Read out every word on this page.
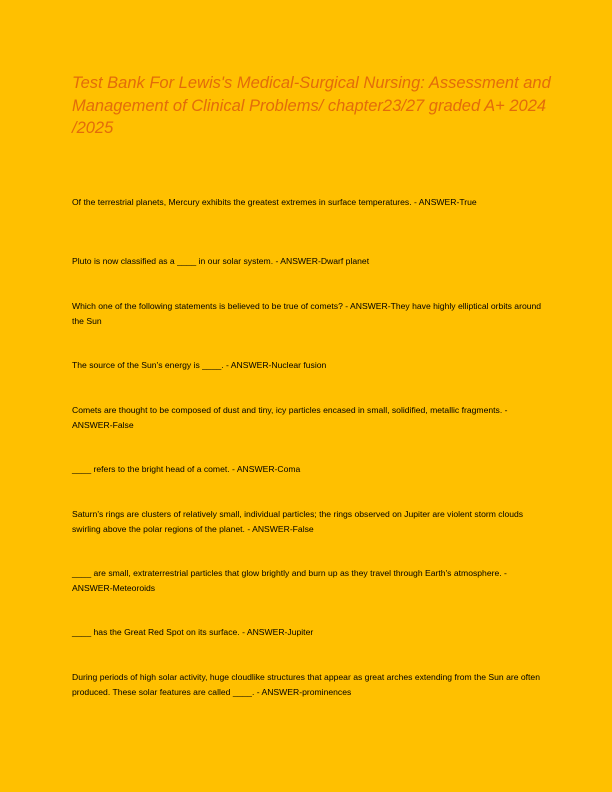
Test Bank For Lewis's Medical-Surgical Nursing: Assessment and Management of Clinical Problems/ chapter23/27 graded A+ 2024 /2025

Of the terrestrial planets, Mercury exhibits the greatest extremes in surface temperatures. - ANSWER-True

Pluto is now classified as a ____ in our solar system. - ANSWER-Dwarf planet

Which one of the following statements is believed to be true of comets? - ANSWER-They have highly elliptical orbits around the Sun

The source of the Sun's energy is ____. - ANSWER-Nuclear fusion

Comets are thought to be composed of dust and tiny, icy particles encased in small, solidified, metallic fragments. - ANSWER-False

____ refers to the bright head of a comet. - ANSWER-Coma

Saturn's rings are clusters of relatively small, individual particles; the rings observed on Jupiter are violent storm clouds swirling above the polar regions of the planet. - ANSWER-False

____ are small, extraterrestrial particles that glow brightly and burn up as they travel through Earth's atmosphere. - ANSWER-Meteoroids

____ has the Great Red Spot on its surface. - ANSWER-Jupiter

During periods of high solar activity, huge cloudlike structures that appear as great arches extending from the Sun are often produced. These solar features are called ____. - ANSWER-prominences
